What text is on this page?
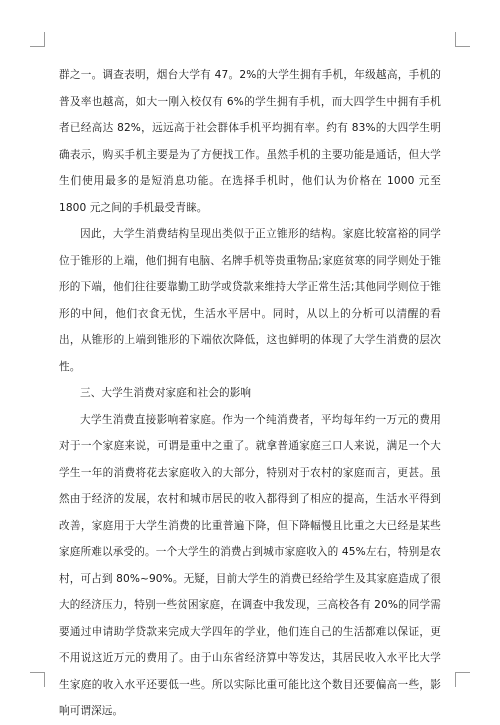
群之一。调查表明，烟台大学有 47。2%的大学生拥有手机，年级越高，手机的普及率也越高，如大一刚入校仅有 6%的学生拥有手机，而大四学生中拥有手机者已经高达 82%，远远高于社会群体手机平均拥有率。约有 83%的大四学生明确表示，购买手机主要是为了方便找工作。虽然手机的主要功能是通话，但大学生们使用最多的是短消息功能。在选择手机时，他们认为价格在 1000 元至 1800 元之间的手机最受青睐。

因此，大学生消费结构呈现出类似于正立锥形的结构。家庭比较富裕的同学位于锥形的上端，他们拥有电脑、名牌手机等贵重物品;家庭贫寒的同学则处于锥形的下端，他们往往要靠勤工助学或贷款来维持大学正常生活;其他同学则位于锥形的中间，他们衣食无忧，生活水平居中。同时，从以上的分析可以清醒的看出，从锥形的上端到锥形的下端依次降低，这也鲜明的体现了大学生消费的层次性。

三、大学生消费对家庭和社会的影响

大学生消费直接影响着家庭。作为一个纯消费者，平均每年约一万元的费用对于一个家庭来说，可谓是重中之重了。就拿普通家庭三口人来说，满足一个大学生一年的消费将花去家庭收入的大部分，特别对于农村的家庭而言，更甚。虽然由于经济的发展，农村和城市居民的收入都得到了相应的提高，生活水平得到改善，家庭用于大学生消费的比重普遍下降，但下降幅慢且比重之大已经是某些家庭所难以承受的。一个大学生的消费占到城市家庭收入的 45%左右，特别是农村，可占到 80%~90%。无疑，目前大学生的消费已经给学生及其家庭造成了很大的经济压力，特别一些贫困家庭，在调查中我发现，三高校各有 20%的同学需要通过申请助学贷款来完成大学四年的学业，他们连自己的生活都难以保证，更不用说这近万元的费用了。由于山东省经济算中等发达，其居民收入水平比大学生家庭的收入水平还要低一些。所以实际比重可能比这个数目还要偏高一些，影响可谓深远。
